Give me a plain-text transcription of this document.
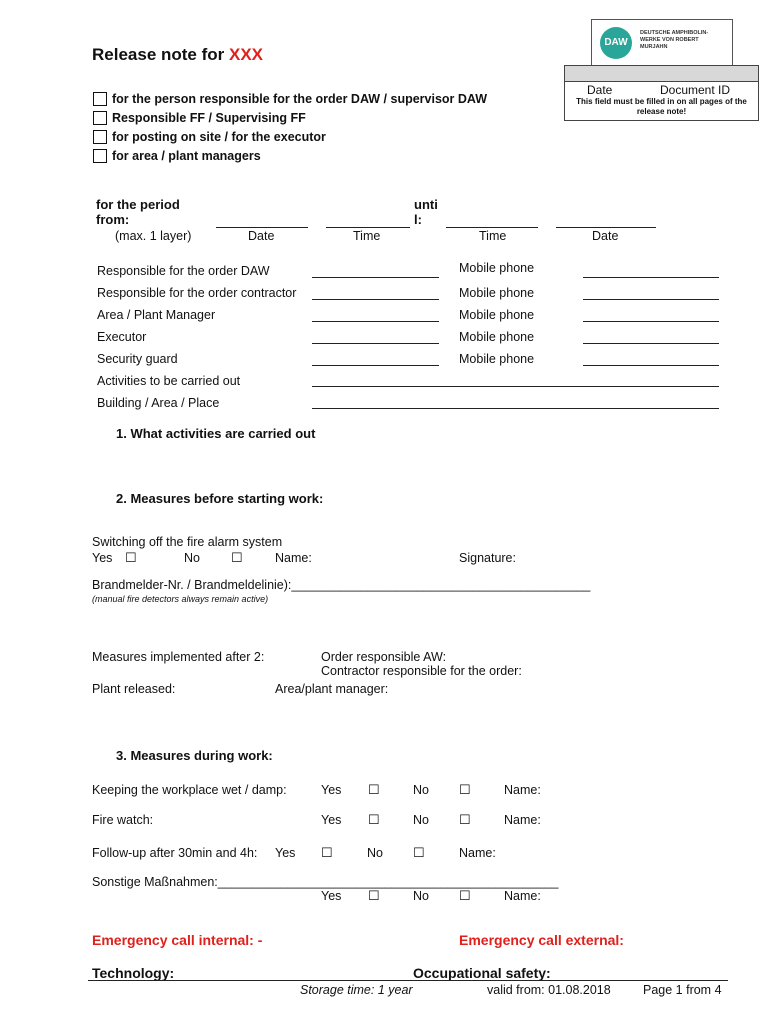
Release note for XXX
DAW
DEUTSCHE AMPHIBOLIN-WERKE VON ROBERT MURJAHN
Date	Document ID
This field must be filled in on all pages of the release note!
for the person responsible for the order DAW / supervisor DAW
Responsible FF / Supervising FF
for posting on site / for the executor
for area / plant managers
for the period
from:
unti
l:
(max. 1 layer)	Date	Time	Time	Date
Responsible for the order DAW	Mobile phone
Responsible for the order contractor	Mobile phone
Area / Plant Manager	Mobile phone
Executor	Mobile phone
Security guard	Mobile phone
Activities to be carried out
Building / Area / Place
1. What activities are carried out
2. Measures before starting work:
Switching off the fire alarm system
Yes ☐	No ☐	Name:	Signature:
Brandmelder-Nr. / Brandmeldelinie):___________________________________________
(manual fire detectors always remain active)
Measures implemented after 2:	Order responsible AW:
Contractor responsible for the order:
Plant released:	Area/plant manager:
3. Measures during work:
Keeping the workplace wet / damp:	Yes ☐	No ☐	Name:
Fire watch:	Yes ☐	No ☐	Name:
Follow-up after 30min and 4h: Yes ☐	No ☐	Name:
Sonstige Maßnahmen:_________________________________________________
Yes ☐	No ☐	Name:
Emergency call internal: -	Emergency call external:
Technology:	Occupational safety:
Storage time: 1 year	valid from: 01.08.2018	Page 1 from 4
